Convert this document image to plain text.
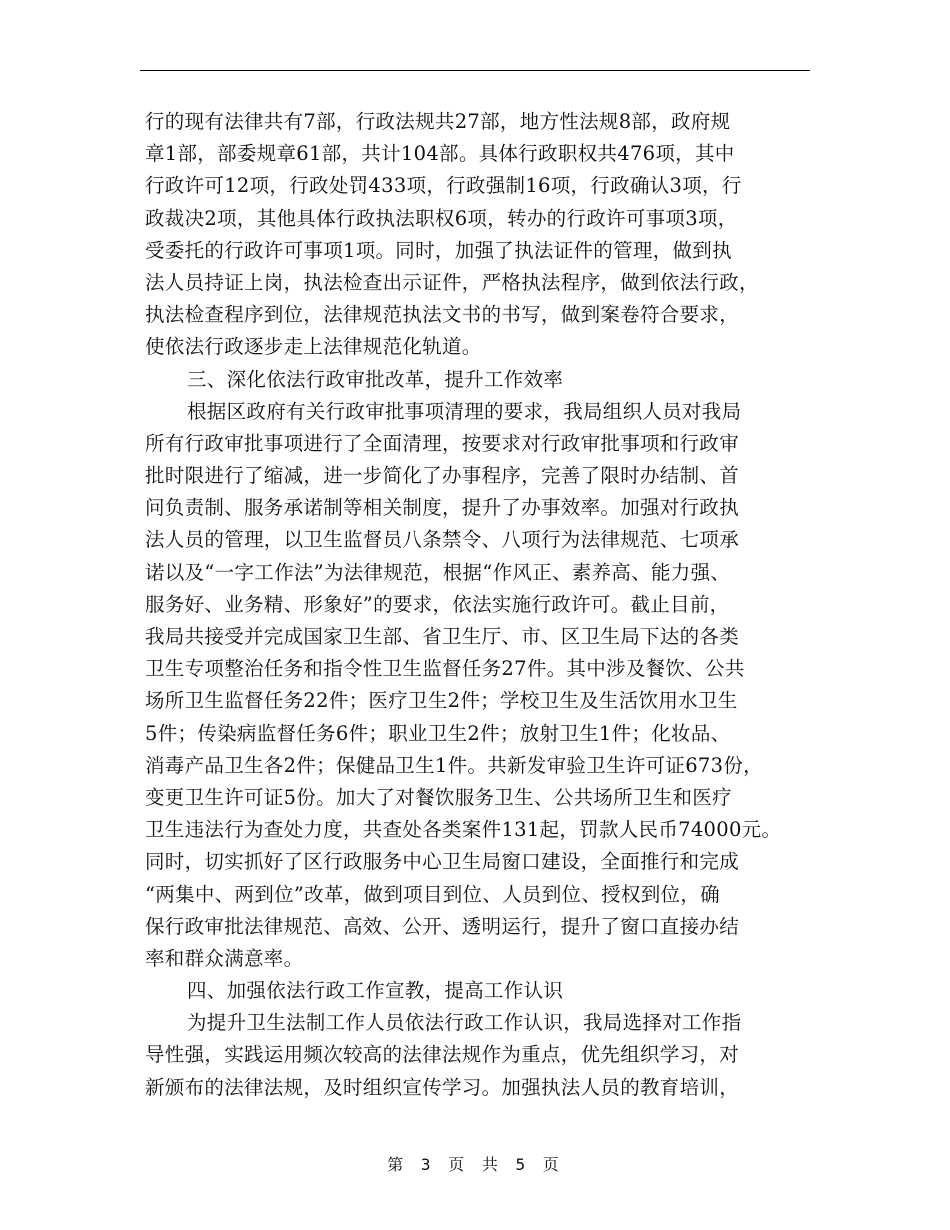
行的现有法律共有7部，行政法规共27部，地方性法规8部，政府规
章1部，部委规章61部，共计104部。具体行政职权共476项，其中
行政许可12项，行政处罚433项，行政强制16项，行政确认3项，行
政裁决2项，其他具体行政执法职权6项，转办的行政许可事项3项，
受委托的行政许可事项1项。同时，加强了执法证件的管理，做到执
法人员持证上岗，执法检查出示证件，严格执法程序，做到依法行政，
执法检查程序到位，法律规范执法文书的书写，做到案卷符合要求，
使依法行政逐步走上法律规范化轨道。
三、深化依法行政审批改革，提升工作效率
根据区政府有关行政审批事项清理的要求，我局组织人员对我局
所有行政审批事项进行了全面清理，按要求对行政审批事项和行政审
批时限进行了缩减，进一步简化了办事程序，完善了限时办结制、首
问负责制、服务承诺制等相关制度，提升了办事效率。加强对行政执
法人员的管理，以卫生监督员八条禁令、八项行为法律规范、七项承
诺以及“一字工作法”为法律规范，根据“作风正、素养高、能力强、
服务好、业务精、形象好”的要求，依法实施行政许可。截止目前，
我局共接受并完成国家卫生部、省卫生厅、市、区卫生局下达的各类
卫生专项整治任务和指令性卫生监督任务27件。其中涉及餐饮、公共
场所卫生监督任务22件；医疗卫生2件；学校卫生及生活饮用水卫生
5件；传染病监督任务6件；职业卫生2件；放射卫生1件；化妆品、
消毒产品卫生各2件；保健品卫生1件。共新发审验卫生许可证673份，
变更卫生许可证5份。加大了对餐饮服务卫生、公共场所卫生和医疗
卫生违法行为查处力度，共查处各类案件131起，罚款人民币74000元。
同时，切实抓好了区行政服务中心卫生局窗口建设，全面推行和完成
“两集中、两到位”改革，做到项目到位、人员到位、授权到位，确
保行政审批法律规范、高效、公开、透明运行，提升了窗口直接办结
率和群众满意率。
四、加强依法行政工作宣教，提高工作认识
为提升卫生法制工作人员依法行政工作认识，我局选择对工作指
导性强，实践运用频次较高的法律法规作为重点，优先组织学习，对
新颁布的法律法规，及时组织宣传学习。加强执法人员的教育培训，
第 3 页 共 5 页
